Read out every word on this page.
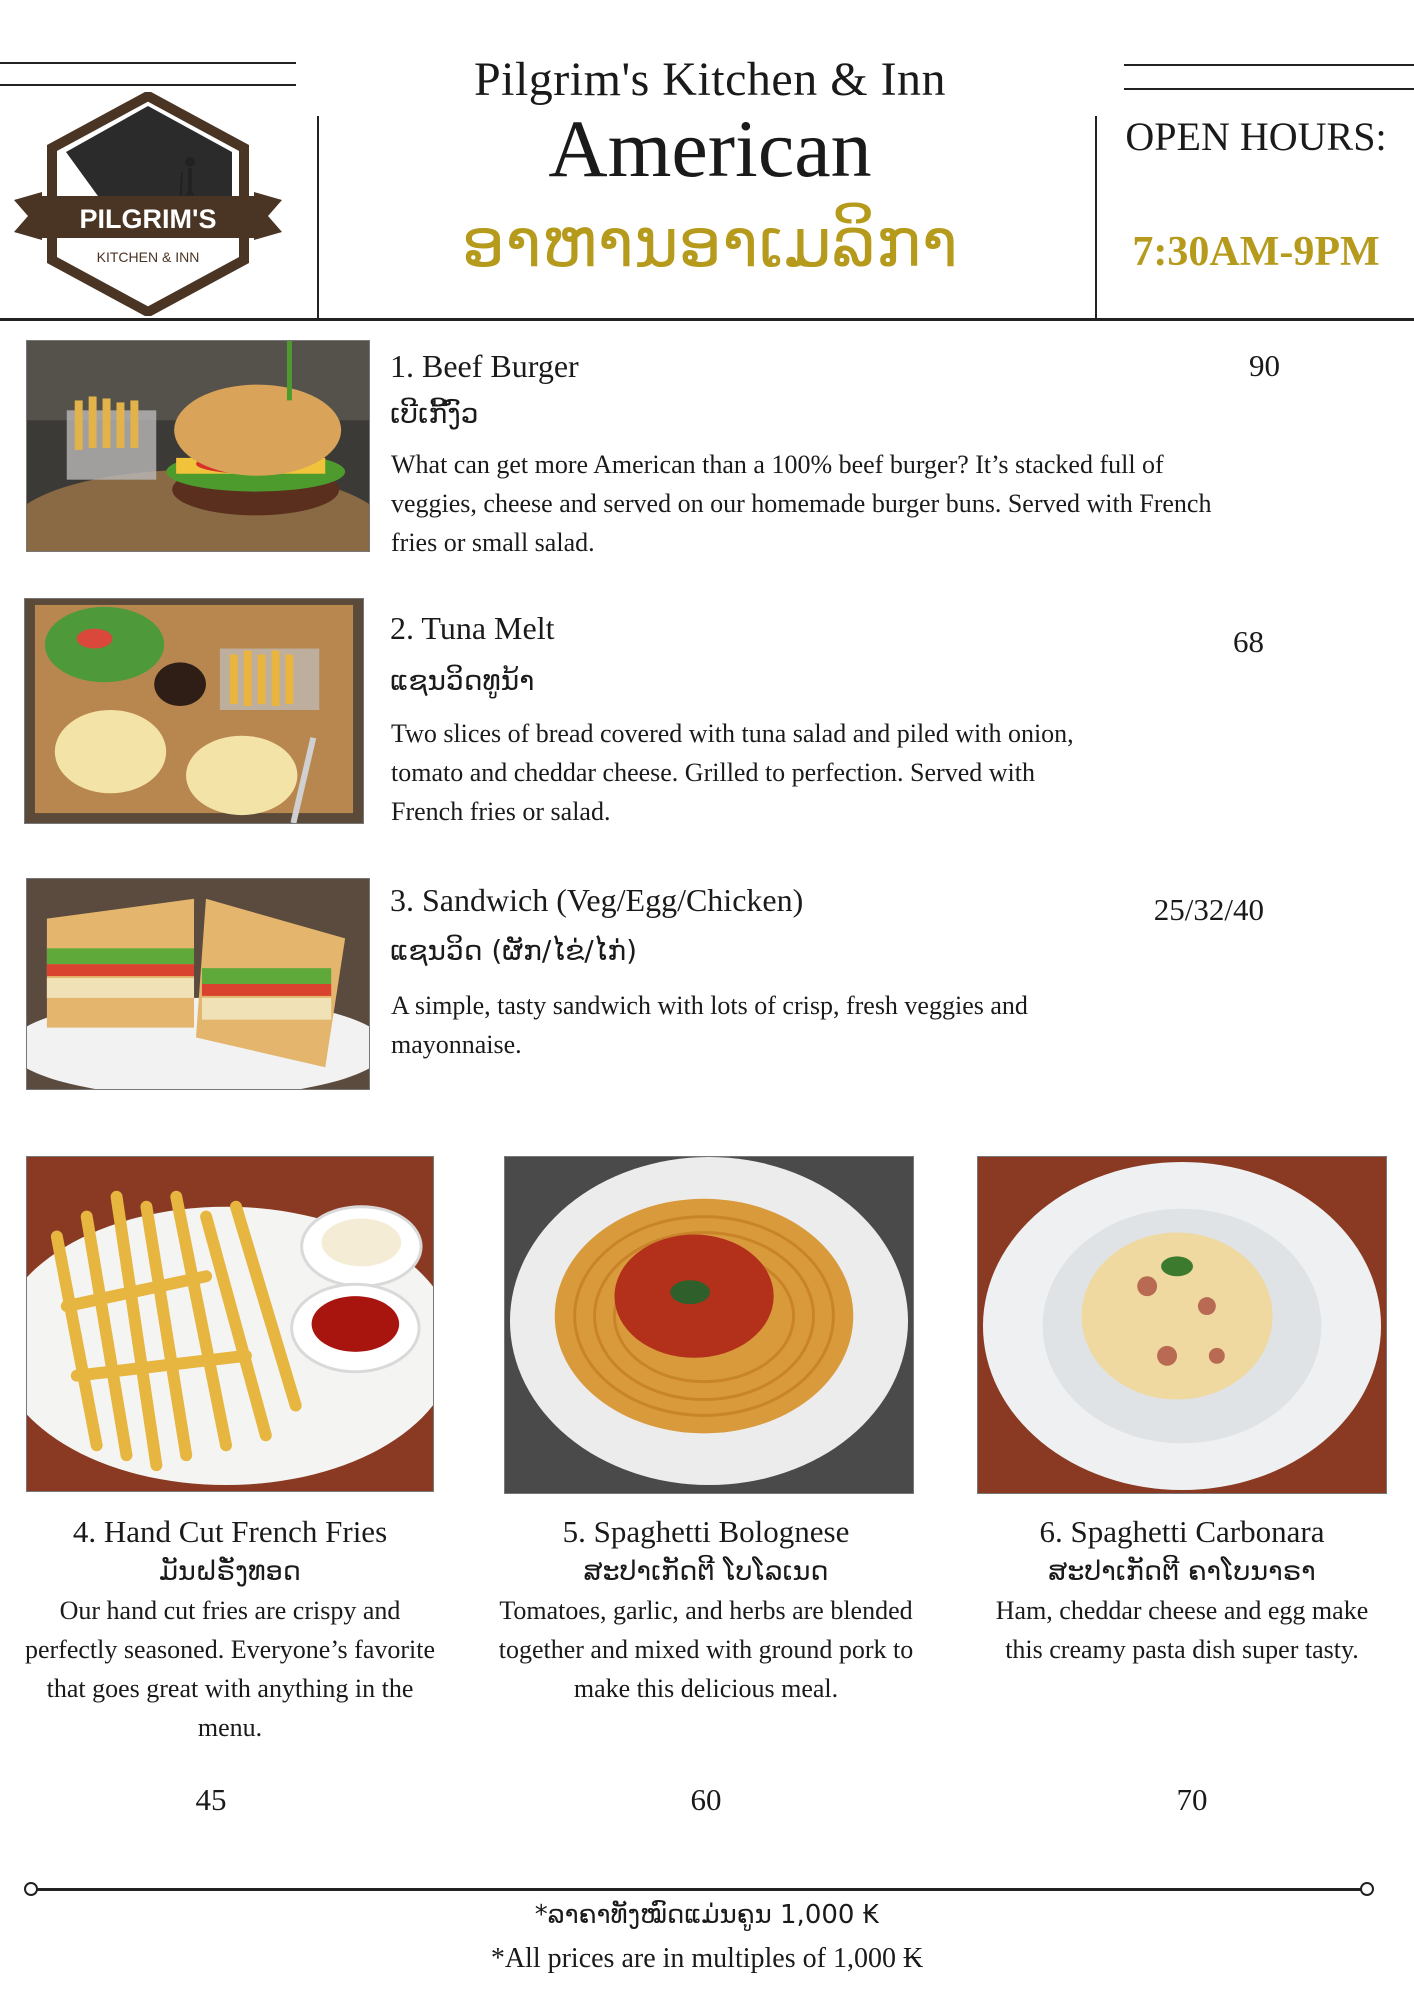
PILGRIM'S
KITCHEN & INN
Pilgrim's Kitchen & Inn
American
ອາຫານອາເມລິກາ
OPEN HOURS:
7:30AM-9PM
1. Beef Burger
ເບີເກີ້ງົວ
What can get more American than a 100% beef burger? It’s stacked full of veggies, cheese and served on our homemade burger buns. Served with French fries or small salad.
90
2. Tuna Melt
ແຊນວິດທູນ້າ
Two slices of bread covered with tuna salad and piled with onion, tomato and cheddar cheese. Grilled to perfection. Served with French fries or salad.
68
3. Sandwich (Veg/Egg/Chicken)
ແຊນວິດ (ຜັກ/ໄຂ່/ໄກ່)
A simple, tasty sandwich with lots of crisp, fresh veggies and mayonnaise.
25/32/40
4. Hand Cut French Fries
ມັນຝຣັ່ງທອດ
Our hand cut fries are crispy and perfectly seasoned. Everyone’s favorite that goes great with anything in the menu.
45
5. Spaghetti Bolognese
ສະປາເກັດຕີ ໂບໂລເນດ
Tomatoes, garlic, and herbs are blended together and mixed with ground pork to make this delicious meal.
60
6. Spaghetti Carbonara
ສະປາເກັດຕີ ຄາໂບນາຣາ
Ham, cheddar cheese and egg make this creamy pasta dish super tasty.
70
*ລາຄາທັງໝົດແມ່ນຄູນ 1,000 ₭
*All prices are in multiples of 1,000 ₭
